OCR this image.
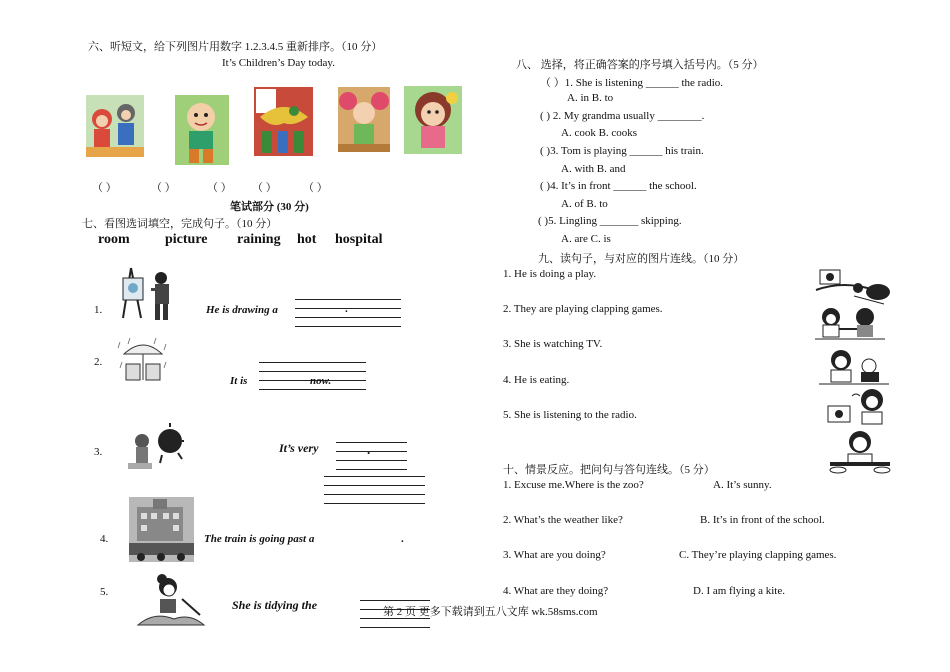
六、听短文，给下列图片用数字 1.2.3.4.5 重新排序。（10 分）
It’s Children’s Day today.
（ ）	（ ）	（ ） （ ） （ ）
笔试部分 (30 分)
七、看图选词填空，完成句子。（10 分）
room	picture raining hot hospital
1.	He is drawing a	.
2.
It is	now.
3.	It’s very	.
4.	The train is going past a	.
5.
She is tidying the
八、 选择，将正确答案的序号填入括号内。（5 分）
（ ）1. She is listening ______ the radio.
A. in B. to
( ) 2. My grandma usually ________.
A. cook B. cooks
( )3. Tom is playing ______ his train.
A. with B. and
( )4. It’s in front ______ the school.
A. of B. to
( )5. Lingling _______ skipping.
A. are C. is
九、读句子，与对应的图片连线。（10 分）
1. He is doing a play.
2. They are playing clapping games.
3. She is watching TV.
4. He is eating.
5. She is listening to the radio.
十、情景反应。把问句与答句连线。（5 分）
1. Excuse me.Where is the zoo?	A. It’s sunny.
2. What’s the weather like?	B. It’s in front of the school.
3. What are you doing?	C. They’re playing clapping games.
4. What are they doing?	D. I am flying a kite.
第 2 页 更多下载请到五八文库 wk.58sms.com
